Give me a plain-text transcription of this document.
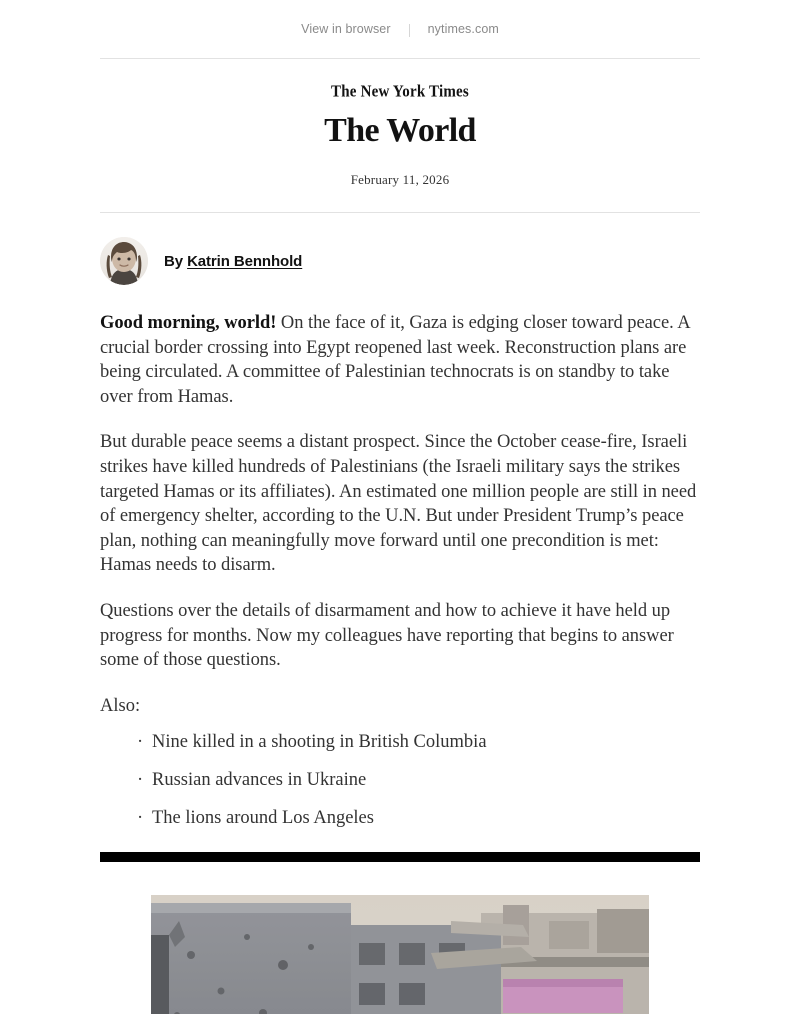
View in browser	nytimes.com
The New York Times
The World
February 11, 2026
By Katrin Bennhold

Good morning, world! On the face of it, Gaza is edging closer toward peace. A crucial border crossing into Egypt reopened last week. Reconstruction plans are being circulated. A committee of Palestinian technocrats is on standby to take over from Hamas.

But durable peace seems a distant prospect. Since the October cease-fire, Israeli strikes have killed hundreds of Palestinians (the Israeli military says the strikes targeted Hamas or its affiliates). An estimated one million people are still in need of emergency shelter, according to the U.N. But under President Trump’s peace plan, nothing can meaningfully move forward until one precondition is met: Hamas needs to disarm.

Questions over the details of disarmament and how to achieve it have held up progress for months. Now my colleagues have reporting that begins to answer some of those questions.

Also:

· Nine killed in a shooting in British Columbia
· Russian advances in Ukraine
· The lions around Los Angeles
